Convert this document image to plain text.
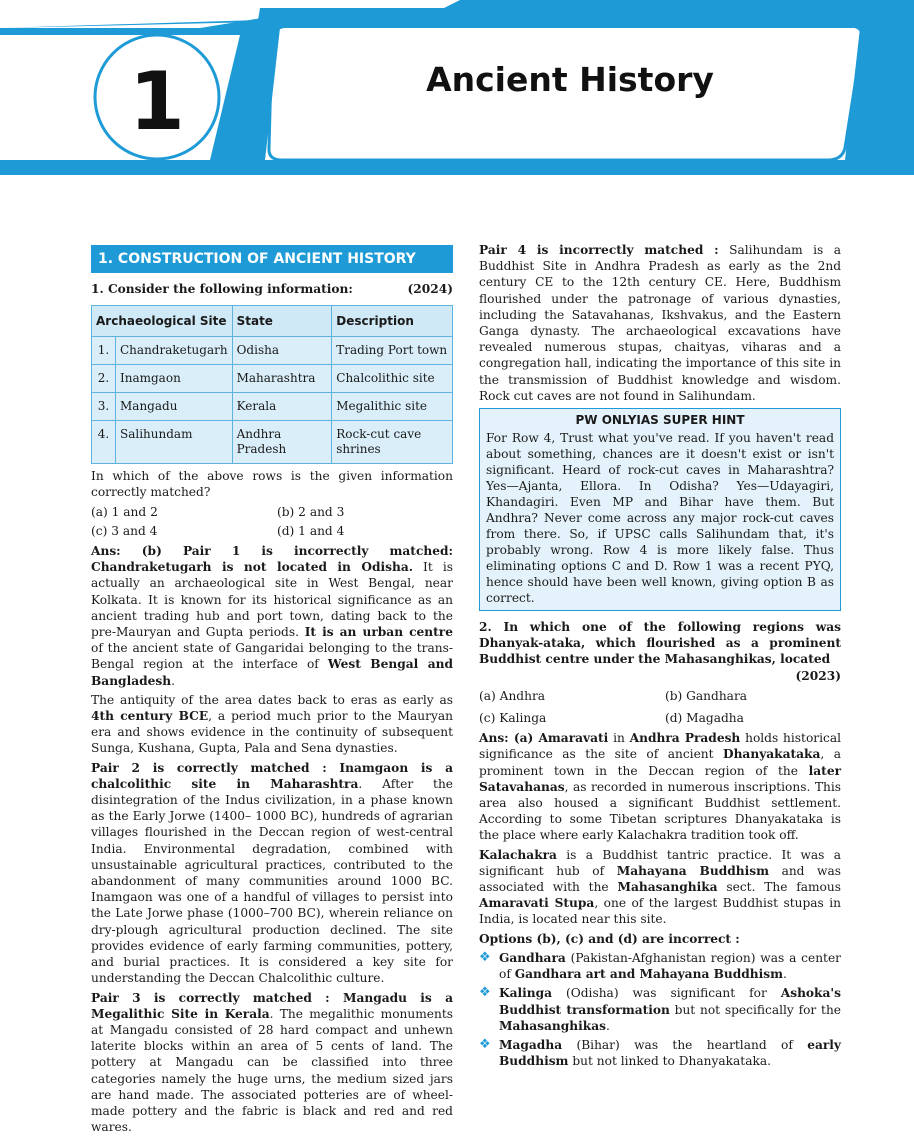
1	Ancient History
1. CONSTRUCTION OF ANCIENT HISTORY
1. Consider the following information:	(2024)
Archaeological Site		State	Description
1.	Chandraketugarh	Odisha	Trading Port town
2.	Inamgaon	Maharashtra	Chalcolithic site
3.	Mangadu	Kerala	Megalithic site
4.	Salihundam	Andhra Pradesh	Rock-cut cave shrines

In which of the above rows is the given information correctly matched?

(a) 1 and 2	(b) 2 and 3
(c) 3 and 4	(d) 1 and 4

Ans: (b) Pair 1 is incorrectly matched: Chandraketugarh is not located in Odisha. It is actually an archaeological site in West Bengal, near Kolkata. It is known for its historical significance as an ancient trading hub and port town, dating back to the pre-Mauryan and Gupta periods. It is an urban centre of the ancient state of Gangaridai belonging to the trans-Bengal region at the interface of West Bengal and Bangladesh.

The antiquity of the area dates back to eras as early as 4th century BCE, a period much prior to the Mauryan era and shows evidence in the continuity of subsequent Sunga, Kushana, Gupta, Pala and Sena dynasties.

Pair 2 is correctly matched : Inamgaon is a chalcolithic site in Maharashtra. After the disintegration of the Indus civilization, in a phase known as the Early Jorwe (1400– 1000 BC), hundreds of agrarian villages flourished in the Deccan region of west-central India. Environmental degradation, combined with unsustainable agricultural practices, contributed to the abandonment of many communities around 1000 BC. Inamgaon was one of a handful of villages to persist into the Late Jorwe phase (1000–700 BC), wherein reliance on dry-plough agricultural production declined. The site provides evidence of early farming communities, pottery, and burial practices. It is considered a key site for understanding the Deccan Chalcolithic culture.

Pair 3 is correctly matched : Mangadu is a Megalithic Site in Kerala. The megalithic monuments at Mangadu consisted of 28 hard compact and unhewn laterite blocks within an area of 5 cents of land. The pottery at Mangadu can be classified into three categories namely the huge urns, the medium sized jars are hand made. The associated potteries are of wheel-made pottery and the fabric is black and red and red wares.

Pair 4 is incorrectly matched : Salihundam is a Buddhist Site in Andhra Pradesh as early as the 2nd century CE to the 12th century CE. Here, Buddhism flourished under the patronage of various dynasties, including the Satavahanas, Ikshvakus, and the Eastern Ganga dynasty. The archaeological excavations have revealed numerous stupas, chaityas, viharas and a congregation hall, indicating the importance of this site in the transmission of Buddhist knowledge and wisdom. Rock cut caves are not found in Salihundam.

PW ONLYIAS SUPER HINT
For Row 4, Trust what you've read. If you haven't read about something, chances are it doesn't exist or isn't significant. Heard of rock-cut caves in Maharashtra? Yes—Ajanta, Ellora. In Odisha? Yes—Udayagiri, Khandagiri. Even MP and Bihar have them. But Andhra? Never come across any major rock-cut caves from there. So, if UPSC calls Salihundam that, it's probably wrong. Row 4 is more likely false. Thus eliminating options C and D. Row 1 was a recent PYQ, hence should have been well known, giving option B as correct.
2. In which one of the following regions was Dhanyak-ataka, which flourished as a prominent Buddhist centre under the Mahasanghikas, located
(2023)
(a) Andhra	(b) Gandhara
(c) Kalinga	(d) Magadha

Ans: (a) Amaravati in Andhra Pradesh holds historical significance as the site of ancient Dhanyakataka, a prominent town in the Deccan region of the later Satavahanas, as recorded in numerous inscriptions. This area also housed a significant Buddhist settlement. According to some Tibetan scriptures Dhanyakataka is the place where early Kalachakra tradition took off.

Kalachakra is a Buddhist tantric practice. It was a significant hub of Mahayana Buddhism and was associated with the Mahasanghika sect. The famous Amaravati Stupa, one of the largest Buddhist stupas in India, is located near this site.

Options (b), (c) and (d) are incorrect :

❖ Gandhara (Pakistan-Afghanistan region) was a center of Gandhara art and Mahayana Buddhism.
❖ Kalinga (Odisha) was significant for Ashoka's Buddhist transformation but not specifically for the Mahasanghikas.
❖ Magadha (Bihar) was the heartland of early Buddhism but not linked to Dhanyakataka.
